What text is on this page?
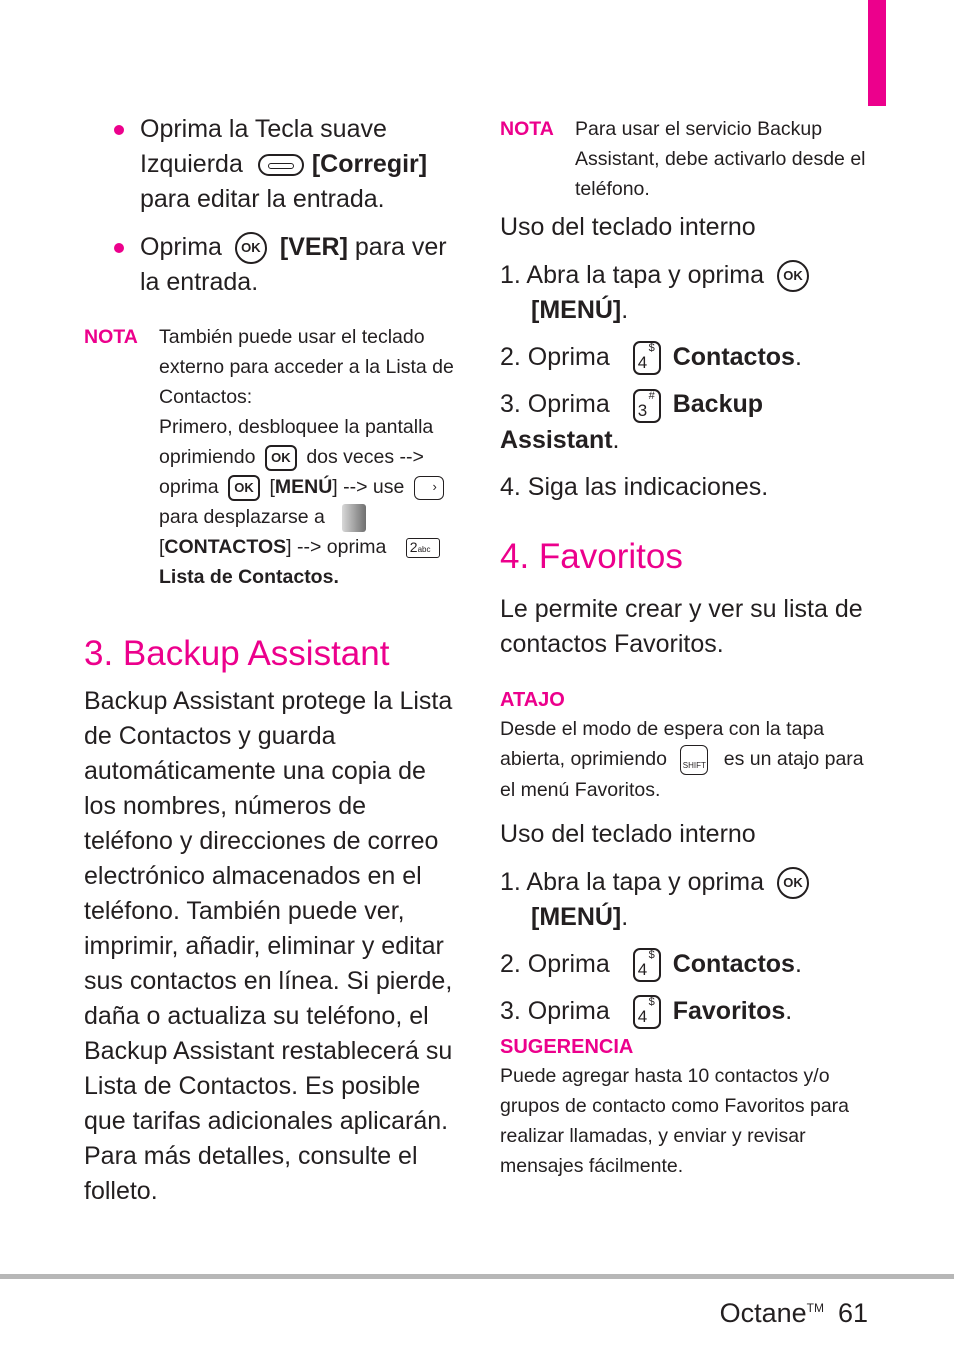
Oprima la Tecla suave Izquierda	[Corregir] para editar la entrada.
Oprima OK [VER] para ver la entrada.
NOTA	También puede usar el teclado externo para acceder a la Lista de Contactos:
Primero, desbloquee la pantalla oprimiendo OK dos veces --> oprima OK [MENÚ] --> use › para desplazarse a  [CONTACTOS] --> oprima 2abc
Lista de Contactos.
3. Backup Assistant

Backup Assistant protege la Lista de Contactos y guarda automáticamente una copia de los nombres, números de teléfono y direcciones de correo electrónico almacenados en el teléfono. También puede ver, imprimir, añadir, eliminar y editar sus contactos en línea. Si pierde, daña o actualiza su teléfono, el Backup Assistant restablecerá su Lista de Contactos. Es posible que tarifas adicionales aplicarán. Para más detalles, consulte el folleto.

NOTA	Para usar el servicio Backup Assistant, debe activarlo desde el teléfono.
Uso del teclado interno
1. Abra la tapa y oprima OK
[MENÚ].
2. Oprima 4
$ Contactos.
3. Oprima 3
# Backup Assistant.
4. Siga las indicaciones.
4. Favoritos

Le permite crear y ver su lista de contactos Favoritos.

ATAJO
Desde el modo de espera con la tapa abierta, oprimiendo SHIFT es un atajo para el menú Favoritos.
Uso del teclado interno
1. Abra la tapa y oprima OK
[MENÚ].
2. Oprima 4
$ Contactos.
3. Oprima 4
$ Favoritos.
SUGERENCIA
Puede agregar hasta 10 contactos y/o grupos de contacto como Favoritos para realizar llamadas, y enviar y revisar mensajes fácilmente.
Octane™ 61
